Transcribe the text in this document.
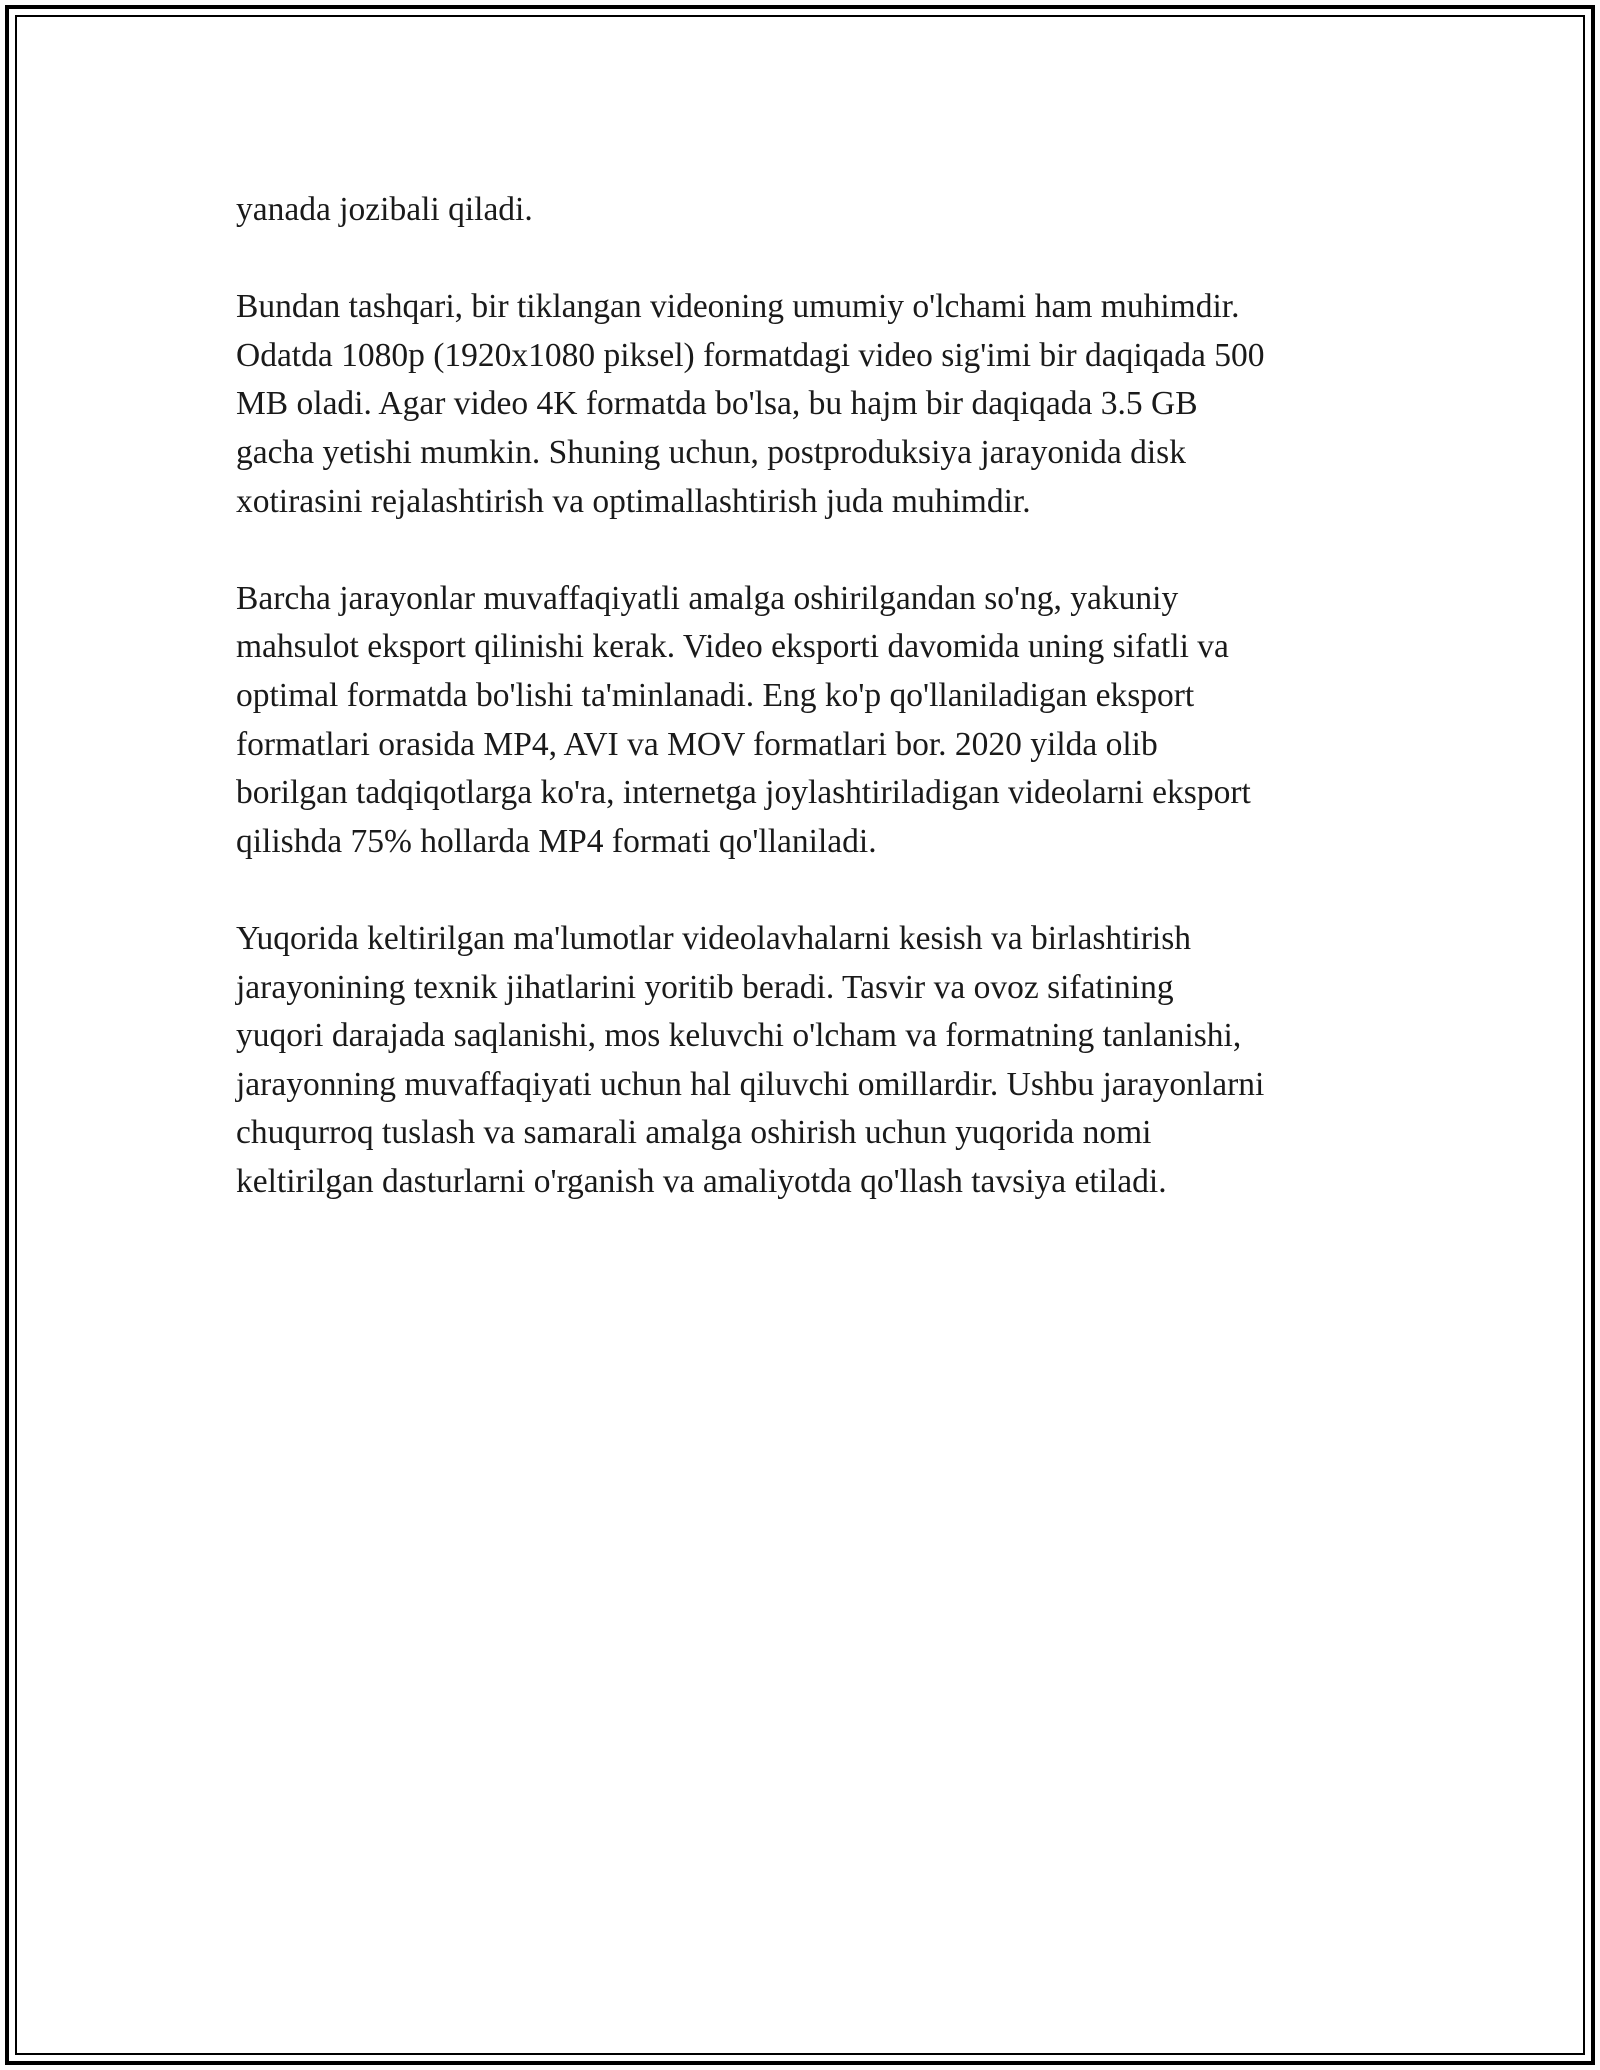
yanada jozibali qiladi.

Bundan tashqari, bir tiklangan videoning umumiy o'lchami ham muhimdir.
Odatda 1080p (1920x1080 piksel) formatdagi video sig'imi bir daqiqada 500
MB oladi. Agar video 4K formatda bo'lsa, bu hajm bir daqiqada 3.5 GB
gacha yetishi mumkin. Shuning uchun, postproduksiya jarayonida disk
xotirasini rejalashtirish va optimallashtirish juda muhimdir.

Barcha jarayonlar muvaffaqiyatli amalga oshirilgandan so'ng, yakuniy
mahsulot eksport qilinishi kerak. Video eksporti davomida uning sifatli va
optimal formatda bo'lishi ta'minlanadi. Eng ko'p qo'llaniladigan eksport
formatlari orasida MP4, AVI va MOV formatlari bor. 2020 yilda olib
borilgan tadqiqotlarga ko'ra, internetga joylashtiriladigan videolarni eksport
qilishda 75% hollarda MP4 formati qo'llaniladi.

Yuqorida keltirilgan ma'lumotlar videolavhalarni kesish va birlashtirish
jarayonining texnik jihatlarini yoritib beradi. Tasvir va ovoz sifatining
yuqori darajada saqlanishi, mos keluvchi o'lcham va formatning tanlanishi,
jarayonning muvaffaqiyati uchun hal qiluvchi omillardir. Ushbu jarayonlarni
chuqurroq tuslash va samarali amalga oshirish uchun yuqorida nomi
keltirilgan dasturlarni o'rganish va amaliyotda qo'llash tavsiya etiladi.
